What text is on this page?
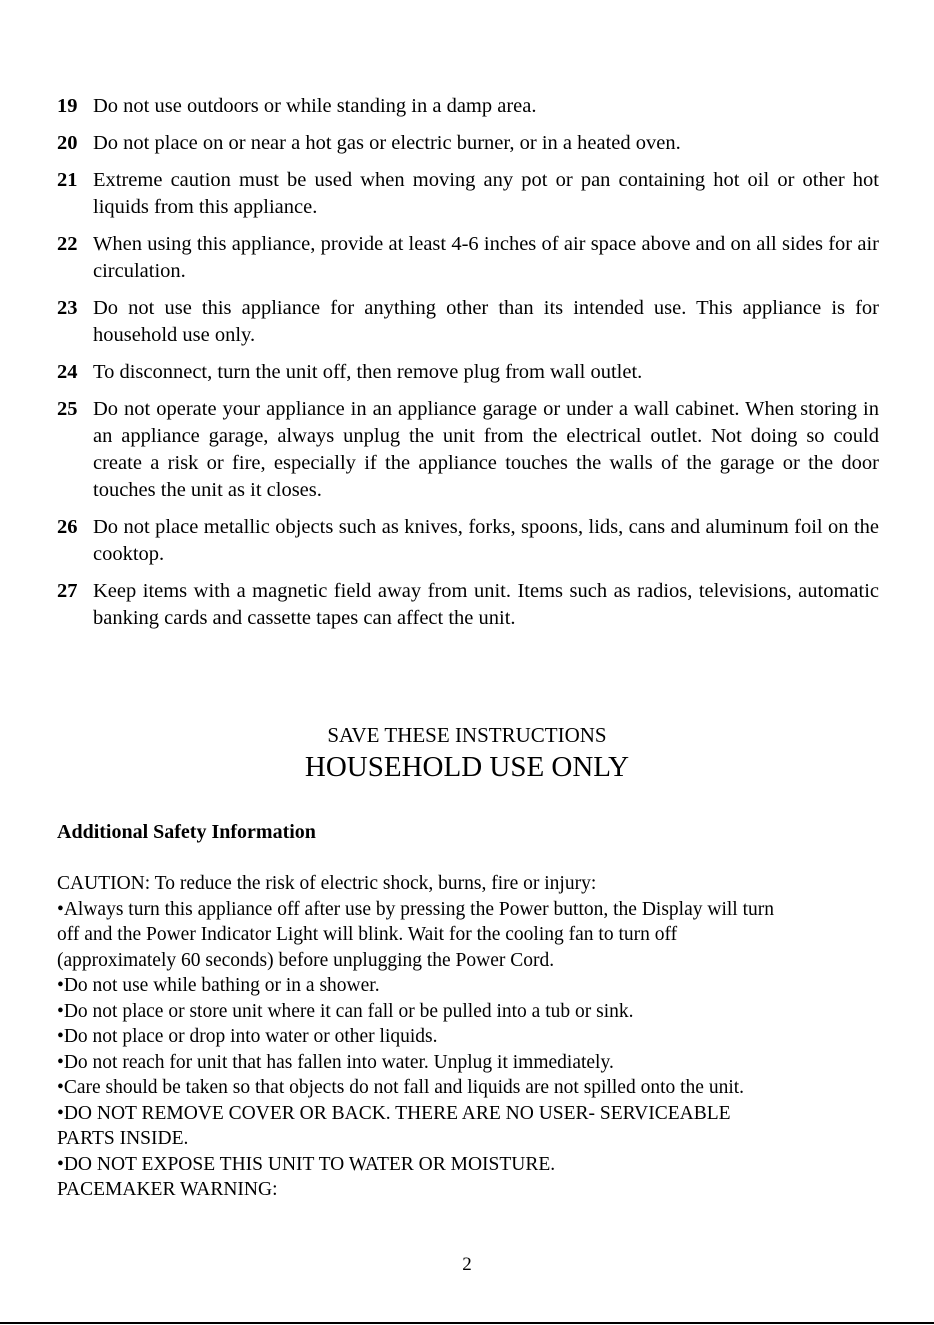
19 Do not use outdoors or while standing in a damp area.
20 Do not place on or near a hot gas or electric burner, or in a heated oven.
21 Extreme caution must be used when moving any pot or pan containing hot oil or other hot liquids from this appliance.
22 When using this appliance, provide at least 4-6 inches of air space above and on all sides for air circulation.
23 Do not use this appliance for anything other than its intended use. This appliance is for household use only.
24 To disconnect, turn the unit off, then remove plug from wall outlet.
25 Do not operate your appliance in an appliance garage or under a wall cabinet. When storing in an appliance garage, always unplug the unit from the electrical outlet. Not doing so could create a risk or fire, especially if the appliance touches the walls of the garage or the door touches the unit as it closes.
26 Do not place metallic objects such as knives, forks, spoons, lids, cans and aluminum foil on the cooktop.
27 Keep items with a magnetic field away from unit. Items such as radios, televisions, automatic banking cards and cassette tapes can affect the unit.
SAVE THESE INSTRUCTIONS
HOUSEHOLD USE ONLY
Additional Safety Information
CAUTION: To reduce the risk of electric shock, burns, fire or injury:
•Always turn this appliance off after use by pressing the Power button, the Display will turn
off and the Power Indicator Light will blink. Wait for the cooling fan to turn off
(approximately 60 seconds) before unplugging the Power Cord.
•Do not use while bathing or in a shower.
•Do not place or store unit where it can fall or be pulled into a tub or sink.
•Do not place or drop into water or other liquids.
•Do not reach for unit that has fallen into water. Unplug it immediately.
•Care should be taken so that objects do not fall and liquids are not spilled onto the unit.
•DO NOT REMOVE COVER OR BACK. THERE ARE NO USER- SERVICEABLE
PARTS INSIDE.
•DO NOT EXPOSE THIS UNIT TO WATER OR MOISTURE.
PACEMAKER WARNING:
2
